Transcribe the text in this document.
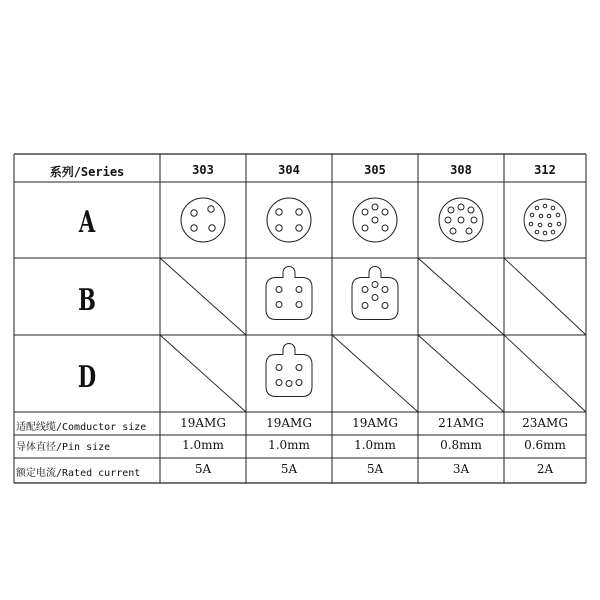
系列/Series	303	304	305	308	312
A
B
D
适配线缆/Comductor size	19AMG	19AMG	19AMG	21AMG	23AMG
导体直径/Pin size	1.0mm	1.0mm	1.0mm	0.8mm	0.6mm
额定电流/Rated current	5A	5A	5A	3A	2A
